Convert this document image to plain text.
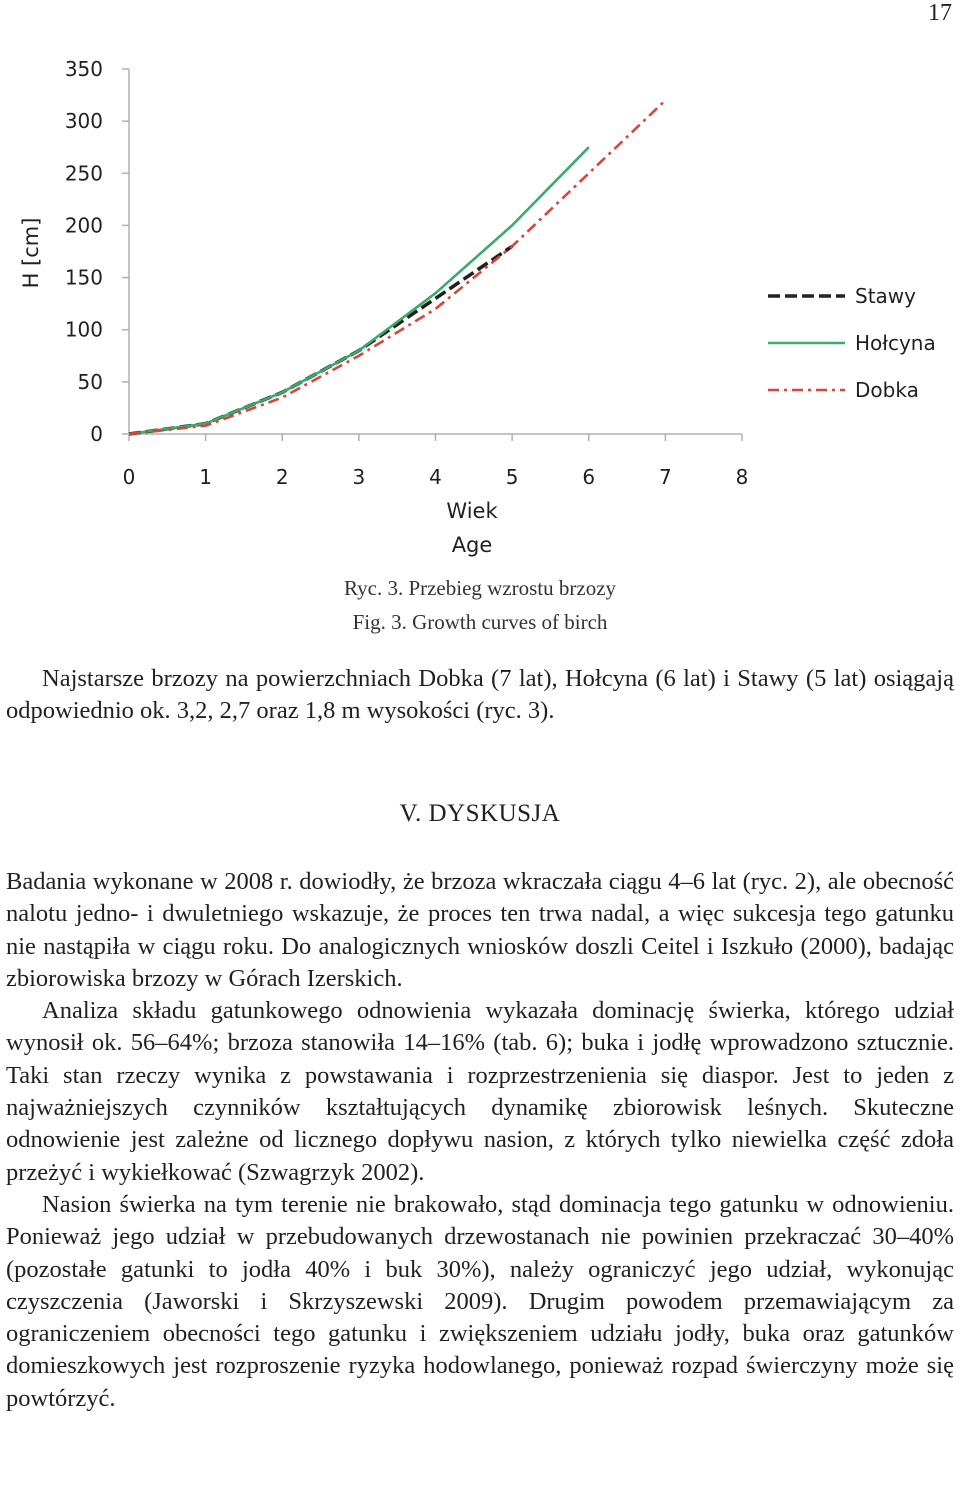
17
0
50
100
150
200
250
300
350
0	1	2	3	4	5	6	7	8
H [cm]
Wiek
Age
Stawy
Hołcyna
Dobka
Ryc. 3. Przebieg wzrostu brzozy
Fig. 3. Growth curves of birch

Najstarsze brzozy na powierzchniach Dobka (7 lat), Hołcyna (6 lat) i Stawy (5 lat) osiągają odpowiednio ok. 3,2, 2,7 oraz 1,8 m wysokości (ryc. 3).

V. DYSKUSJA

Badania wykonane w 2008 r. dowiodły, że brzoza wkraczała ciągu 4–6 lat (ryc. 2), ale obecność nalotu jedno- i dwuletniego wskazuje, że proces ten trwa nadal, a więc sukcesja tego gatunku nie nastąpiła w ciągu roku. Do analogicznych wniosków doszli Ceitel i Iszkuło (2000), badając zbiorowiska brzozy w Górach Izerskich.

Analiza składu gatunkowego odnowienia wykazała dominację świerka, którego udział wynosił ok. 56–64%; brzoza stanowiła 14–16% (tab. 6); buka i jodłę wprowadzono sztucznie. Taki stan rzeczy wynika z powstawania i rozprzestrzenienia się diaspor. Jest to jeden z najważniejszych czynników kształtujących dynamikę zbiorowisk leśnych. Skuteczne odnowienie jest zależne od licznego dopływu nasion, z których tylko niewielka część zdoła przeżyć i wykiełkować (Szwagrzyk 2002).

Nasion świerka na tym terenie nie brakowało, stąd dominacja tego gatunku w odnowieniu. Ponieważ jego udział w przebudowanych drzewostanach nie powinien przekraczać 30–40% (pozostałe gatunki to jodła 40% i buk 30%), należy ograniczyć jego udział, wykonując czyszczenia (Jaworski i Skrzyszewski 2009). Drugim powodem przemawiającym za ograniczeniem obecności tego gatunku i zwiększeniem udziału jodły, buka oraz gatunków domieszkowych jest rozproszenie ryzyka hodowlanego, ponieważ rozpad świerczyny może się powtórzyć.
